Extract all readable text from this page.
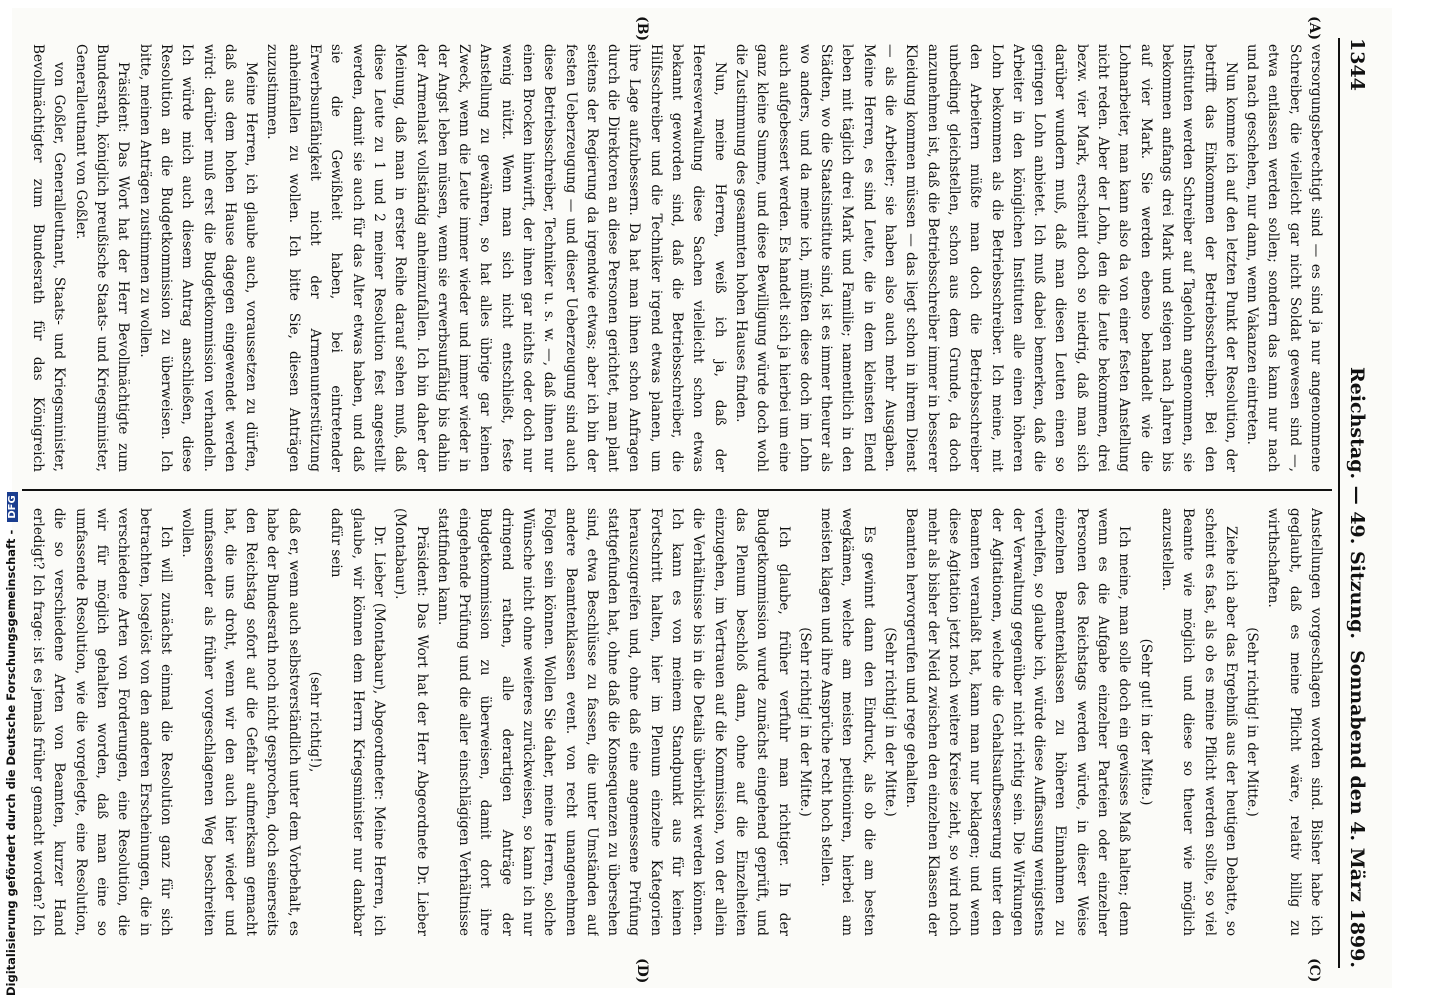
1344
Reichstag. — 49. Sitzung.
Sonnabend den 4. März 1899.
(A)
(B)
(C)
(D)

versorgungsberechtigt sind — es sind ja nur angenommene Schreiber, die vielleicht gar nicht Soldat gewesen sind —, etwa entlassen werden sollen; sondern das kann nur nach und nach geschehen, nur dann, wenn Vakanzen eintreten.

Nun komme ich auf den letzten Punkt der Resolution, der betrifft das Einkommen der Betriebsschreiber. Bei den Instituten werden Schreiber auf Tagelohn angenommen, sie bekommen anfangs drei Mark und steigen nach Jahren bis auf vier Mark. Sie werden ebenso behandelt wie die Lohnarbeiter, man kann also da von einer festen Anstellung nicht reden. Aber der Lohn, den die Leute bekommen, drei bezw. vier Mark, erscheint doch so niedrig, daß man sich darüber wundern muß, daß man diesen Leuten einen so geringen Lohn anbietet. Ich muß dabei bemerken, daß die Arbeiter in den königlichen Instituten alle einen höheren Lohn bekommen als die Betriebsschreiber. Ich meine, mit den Arbeitern müßte man doch die Betriebsschreiber unbedingt gleichstellen, schon aus dem Grunde, da doch anzunehmen ist, daß die Betriebsschreiber immer in besserer Kleidung kommen müssen — das liegt schon in ihrem Dienst — als die Arbeiter; sie haben also auch mehr Ausgaben. Meine Herren, es sind Leute, die in dem kleinsten Elend leben mit täglich drei Mark und Familie; namentlich in den Städten, wo die Staatsinstitute sind, ist es immer theurer als wo anders, und da meine ich, müßten diese doch im Lohn auch aufgebessert werden. Es handelt sich ja hierbei um eine ganz kleine Summe, und diese Bewilligung würde doch wohl die Zustimmung des gesammten hohen Hauses finden.

Nun, meine Herren, weiß ich ja, daß der Heeresverwaltung diese Sachen vielleicht schon etwas bekannt geworden sind, daß die Betriebsschreiber, die Hilfsschreiber und die Techniker irgend etwas planen, um ihre Lage aufzubessern. Da hat man ihnen schon Anfragen durch die Direktoren an diese Personen gerichtet, man plant seitens der Regierung da irgendwie etwas; aber ich bin der festen Ueberzeugung — und dieser Ueberzeugung sind auch diese Betriebsschreiber, Techniker u. s. w. —, daß ihnen nur einen Brocken hinwirft, der ihnen gar nichts oder doch nur wenig nützt. Wenn man sich nicht entschließt, feste Anstellung zu gewähren, so hat alles übrige gar keinen Zweck, wenn die Leute immer wieder und immer wieder in der Angst leben müssen, wenn sie erwerbsunfähig bis dahin der Armenlast vollständig anheimzufallen. Ich bin daher der Meinung, daß man in erster Reihe darauf sehen muß, daß diese Leute zu 1 und 2 meiner Resolution fest angestellt werden, damit sie auch für das Alter etwas haben, und daß sie die Gewißheit haben, bei eintretender Erwerbsunfähigkeit nicht der Armenunterstützung anheimfallen zu wollen. Ich bitte Sie, diesen Anträgen zuzustimmen.

Meine Herren, ich glaube auch, voraussetzen zu dürfen, daß aus dem hohen Hause dagegen eingewendet werden wird: darüber muß erst die Budgetkommission verhandeln. Ich würde mich auch diesem Antrag anschließen, diese Resolution an die Budgetkommission zu überweisen. Ich bitte, meinen Anträgen zustimmen zu wollen.

Präsident: Das Wort hat der Herr Bevollmächtigte zum Bundesrath, königlich preußische Staats- und Kriegsminister, Generalleutnant von Goßler.

von Goßler, Generalleutnant, Staats- und Kriegsminister, Bevollmächtigter zum Bundesrath für das Königreich

Anstellungen vorgeschlagen worden sind. Bisher habe ich geglaubt, daß es meine Pflicht wäre, relativ billig zu wirthschaften.

(Sehr richtig! in der Mitte.)

Ziehe ich aber das Ergebniß aus der heutigen Debatte, so scheint es fast, als ob es meine Pflicht werden sollte, so viel Beamte wie möglich und diese so theuer wie möglich anzustellen.

(Sehr gut! in der Mitte.)

Ich meine, man solle doch ein gewisses Maß halten; denn wenn es die Aufgabe einzelner Parteien oder einzelner Personen des Reichstags werden würde, in dieser Weise einzelnen Beamtenklassen zu höheren Einnahmen zu verhelfen, so glaube ich, würde diese Auffassung wenigstens der Verwaltung gegenüber nicht richtig sein. Die Wirkungen der Agitationen, welche die Gehaltsaufbesserung unter den Beamten veranlaßt hat, kann man nur beklagen; und wenn diese Agitation jetzt noch weitere Kreise zieht, so wird noch mehr als bisher der Neid zwischen den einzelnen Klassen der Beamten hervorgerufen und rege gehalten.

(Sehr richtig! in der Mitte.)

Es gewinnt dann den Eindruck, als ob die am besten wegkämen, welche am meisten petitioniren, hierbei am meisten klagen und ihre Ansprüche recht hoch stellen.

(Sehr richtig! in der Mitte.)

Ich glaube, früher verfuhr man richtiger. In der Budgetkommission wurde zunächst eingehend geprüft, und das Plenum beschloß dann, ohne auf die Einzelheiten einzugehen, im Vertrauen auf die Kommission, von der allein die Verhältnisse bis in die Details überblickt werden können. Ich kann es von meinem Standpunkt aus für keinen Fortschritt halten, hier im Plenum einzelne Kategorien herauszugreifen und, ohne daß eine angemessene Prüfung stattgefunden hat, ohne daß die Konsequenzen zu übersehen sind, etwa Beschlüsse zu fassen, die unter Umständen auf andere Beamtenklassen event. von recht unangenehmen Folgen sein können. Wollen Sie daher, meine Herren, solche Wünsche nicht ohne weiteres zurückweisen, so kann ich nur dringend rathen, alle derartigen Anträge der Budgetkommission zu überweisen, damit dort ihre eingehende Prüfung und die aller einschlägigen Verhältnisse stattfinden kann.

Präsident: Das Wort hat der Herr Abgeordnete Dr. Lieber (Montabaur).

Dr. Lieber (Montabaur), Abgeordneter: Meine Herren, ich glaube, wir können dem Herrn Kriegsminister nur dankbar dafür sein

(sehr richtig!),

daß er, wenn auch selbstverständlich unter dem Vorbehalt, es habe der Bundesrath noch nicht gesprochen, doch seinerseits den Reichstag sofort auf die Gefahr aufmerksam gemacht hat, die uns droht, wenn wir den auch hier wieder und umfassender als früher vorgeschlagenen Weg beschreiten wollen.

Ich will zunächst einmal die Resolution ganz für sich betrachten, losgelöst von den anderen Erscheinungen, die in verschiedene Arten von Forderungen, eine Resolution, die wir für möglich gehalten worden, daß man eine so umfassende Resolution, wie die vorgelegte, eine Resolution, die so verschiedene Arten von Beamten, kurzer Hand erledigt? Ich frage: ist es jemals früher gemacht worden? Ich

Digitalisierung gefördert durch die Deutsche Forschungsgemeinschaft - DFG
